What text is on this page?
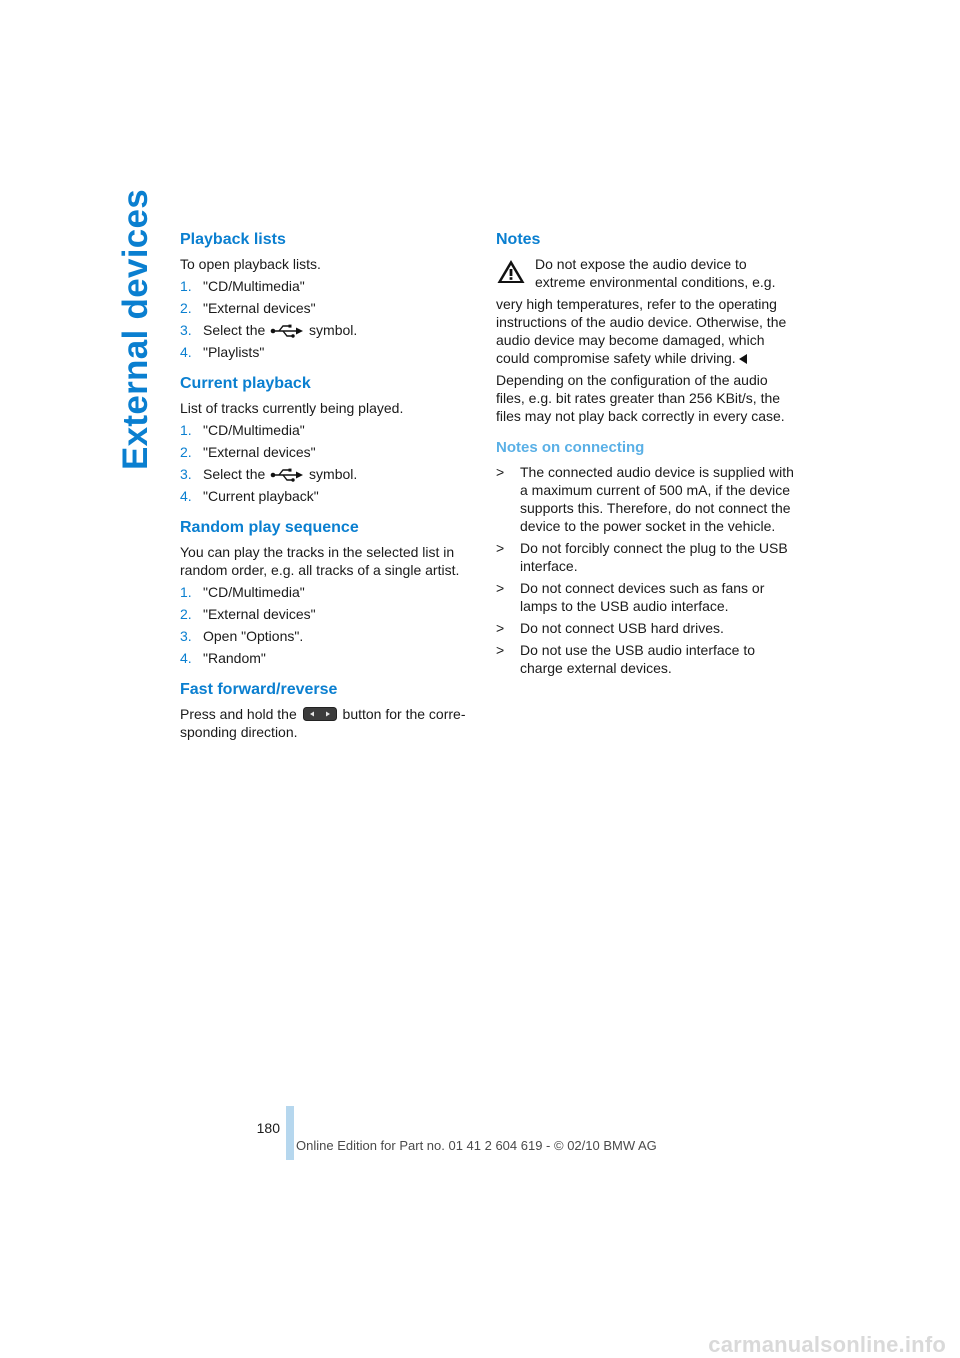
External devices Playback lists

To open playback lists.

1. "CD/Multimedia"
2. "External devices"
3. Select the	symbol.
4. "Playlists"
Current playback

List of tracks currently being played.

1. "CD/Multimedia"
2. "External devices"
3. Select the	symbol.
4. "Current playback"
Random play sequence

You can play the tracks in the selected list in random order, e.g. all tracks of a single artist.

1. "CD/Multimedia"
2. "External devices"
3. Open "Options".
4. "Random"
Fast forward/reverse

Press and hold the	button for the corre-sponding direction.

Notes

Do not expose the audio device to extreme environmental conditions, e.g.

very high temperatures, refer to the operating instructions of the audio device. Otherwise, the audio device may become damaged, which could compromise safety while driving.

Depending on the configuration of the audio files, e.g. bit rates greater than 256 KBit/s, the files may not play back correctly in every case.

Notes on connecting
>	The connected audio device is supplied with a maximum current of 500 mA, if the device supports this. Therefore, do not connect the device to the power socket in the vehicle.
>	Do not forcibly connect the plug to the USB interface.
>	Do not connect devices such as fans or lamps to the USB audio interface.
>	Do not connect USB hard drives.
>	Do not use the USB audio interface to charge external devices.
180
Online Edition for Part no. 01 41 2 604 619 - © 02/10 BMW AG
carmanualsonline.info
